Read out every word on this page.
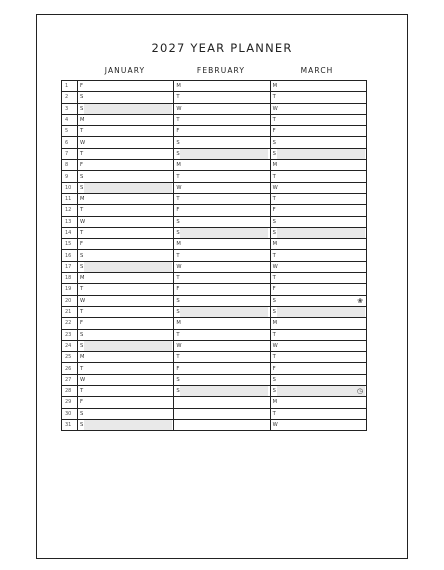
2027 YEAR PLANNER
JANUARY	FEBRUARY	MARCH
1	F	M	M
2	S	T	T
3	S	W	W
4	M	T	T
5	T	F	F
6	W	S	S
7	T	S	S
8	F	M	M
9	S	T	T
10	S	W	W
11	M	T	T
12	T	F	F
13	W	S	S
14	T	S	S
15	F	M	M
16	S	T	T
17	S	W	W
18	M	T	T
19	T	F	F
20	W	S	S ❀

21	T	S	S
22	F	M	M
23	S	T	T
24	S	W	W
25	M	T	T
26	T	F	F
27	W	S	S
28	T	S	S ◷

29	F		M
30	S		T
31	S		W
